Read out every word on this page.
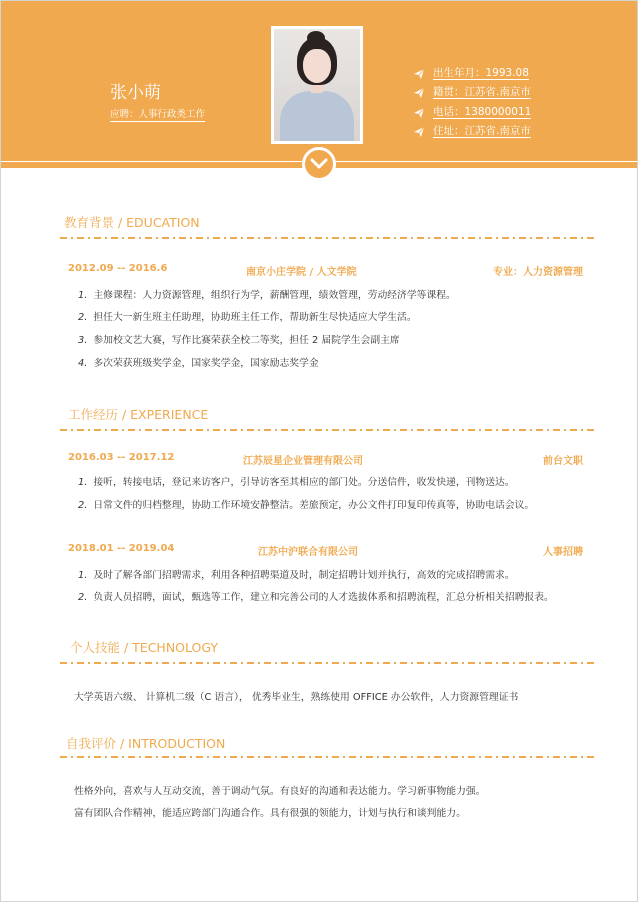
张小萌
应聘：人事行政类工作
出生年月：1993.08
籍贯：江苏省.南京市
电话：1380000011
住址：江苏省.南京市
教育背景 / EDUCATION
2012.09 -- 2016.6	南京小庄学院 / 人文学院	专业：人力资源管理
1. 主修课程：人力资源管理，组织行为学，薪酬管理，绩效管理，劳动经济学等课程。
2. 担任大一新生班主任助理，协助班主任工作，帮助新生尽快适应大学生活。
3. 参加校文艺大赛，写作比赛荣获全校二等奖，担任 2 届院学生会副主席
4. 多次荣获班级奖学金，国家奖学金，国家励志奖学金
工作经历 / EXPERIENCE
2016.03 -- 2017.12	江苏辰星企业管理有限公司	前台文职
1. 接听，转接电话，登记来访客户，引导访客至其相应的部门处。分送信件，收发快递，刊物送达。
2. 日常文件的归档整理，协助工作环境安静整洁。差旅预定，办公文件打印复印传真等，协助电话会议。
2018.01 -- 2019.04	江苏中沪联合有限公司	人事招聘
1. 及时了解各部门招聘需求，利用各种招聘渠道及时，制定招聘计划并执行，高效的完成招聘需求。
2. 负责人员招聘，面试，甄选等工作，建立和完善公司的人才选拔体系和招聘流程，汇总分析相关招聘报表。
个人技能 / TECHNOLOGY
大学英语六级、 计算机二级（C 语言）， 优秀毕业生，熟练使用 OFFICE 办公软件，人力资源管理证书
自我评价 / INTRODUCTION
性格外向，喜欢与人互动交流，善于调动气氛。有良好的沟通和表达能力。学习新事物能力强。
富有团队合作精神，能适应跨部门沟通合作。具有很强的领能力，计划与执行和谈判能力。
